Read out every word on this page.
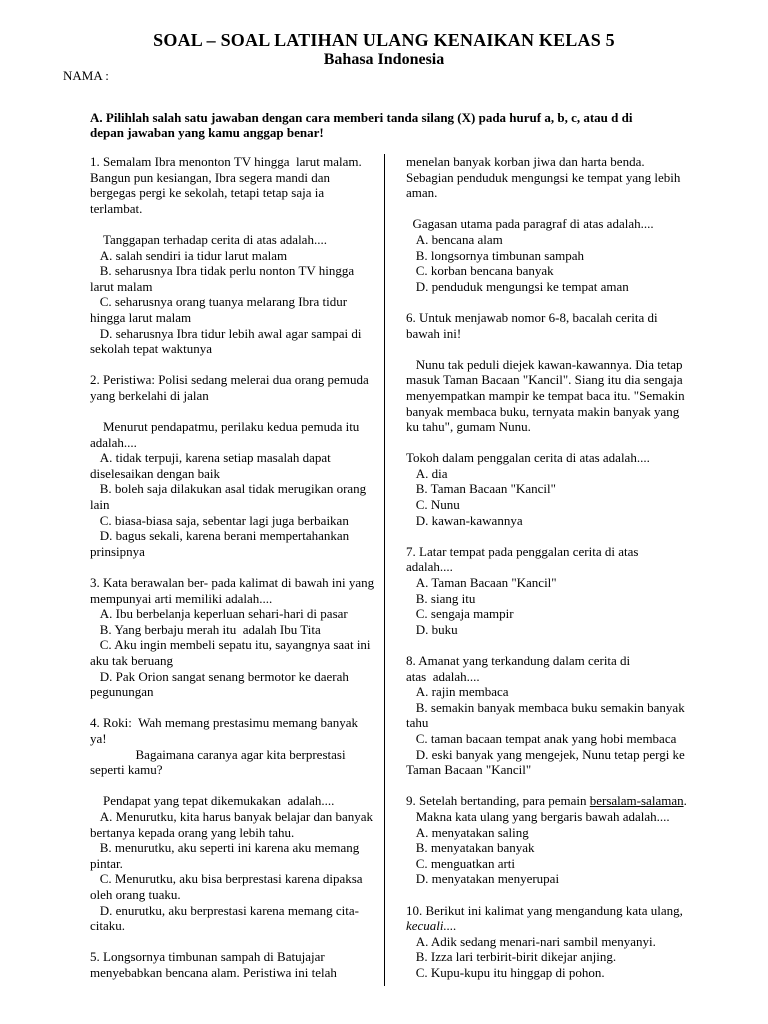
SOAL – SOAL LATIHAN ULANG KENAIKAN KELAS 5
Bahasa Indonesia
NAMA :
A. Pilihlah salah satu jawaban dengan cara memberi tanda silang (X) pada huruf a, b, c, atau d di
depan jawaban yang kamu anggap benar!
1. Semalam Ibra menonton TV hingga  larut malam.
Bangun pun kesiangan, Ibra segera mandi dan
bergegas pergi ke sekolah, tetapi tetap saja ia
terlambat.

Tanggapan terhadap cerita di atas adalah....
A. salah sendiri ia tidur larut malam
B. seharusnya Ibra tidak perlu nonton TV hingga
larut malam
C. seharusnya orang tuanya melarang Ibra tidur
hingga larut malam
D. seharusnya Ibra tidur lebih awal agar sampai di
sekolah tepat waktunya
2. Peristiwa: Polisi sedang melerai dua orang pemuda
yang berkelahi di jalan

Menurut pendapatmu, perilaku kedua pemuda itu
adalah....
A. tidak terpuji, karena setiap masalah dapat
diselesaikan dengan baik
B. boleh saja dilakukan asal tidak merugikan orang
lain
C. biasa-biasa saja, sebentar lagi juga berbaikan
D. bagus sekali, karena berani mempertahankan
prinsipnya
3. Kata berawalan ber- pada kalimat di bawah ini yang
mempunyai arti memiliki adalah....
A. Ibu berbelanja keperluan sehari-hari di pasar
B. Yang berbaju merah itu  adalah Ibu Tita
C. Aku ingin membeli sepatu itu, sayangnya saat ini
aku tak beruang
D. Pak Orion sangat senang bermotor ke daerah
pegunungan
4. Roki:  Wah memang prestasimu memang banyak
ya!
Bagaimana caranya agar kita berprestasi
seperti kamu?

Pendapat yang tepat dikemukakan  adalah....
A. Menurutku, kita harus banyak belajar dan banyak
bertanya kepada orang yang lebih tahu.
B. menurutku, aku seperti ini karena aku memang
pintar.
C. Menurutku, aku bisa berprestasi karena dipaksa
oleh orang tuaku.
D. enurutku, aku berprestasi karena memang cita-
citaku.
5. Longsornya timbunan sampah di Batujajar
menyebabkan bencana alam. Peristiwa ini telah
menelan banyak korban jiwa dan harta benda.
Sebagian penduduk mengungsi ke tempat yang lebih
aman.

Gagasan utama pada paragraf di atas adalah....
A. bencana alam
B. longsornya timbunan sampah
C. korban bencana banyak
D. penduduk mengungsi ke tempat aman
6. Untuk menjawab nomor 6-8, bacalah cerita di
bawah ini!

Nunu tak peduli diejek kawan-kawannya. Dia tetap
masuk Taman Bacaan "Kancil". Siang itu dia sengaja
menyempatkan mampir ke tempat baca itu. "Semakin
banyak membaca buku, ternyata makin banyak yang
ku tahu", gumam Nunu.

Tokoh dalam penggalan cerita di atas adalah....
A. dia
B. Taman Bacaan "Kancil"
C. Nunu
D. kawan-kawannya
7. Latar tempat pada penggalan cerita di atas
adalah....
A. Taman Bacaan "Kancil"
B. siang itu
C. sengaja mampir
D. buku
8. Amanat yang terkandung dalam cerita di
atas  adalah....
A. rajin membaca
B. semakin banyak membaca buku semakin banyak
tahu
C. taman bacaan tempat anak yang hobi membaca
D. eski banyak yang mengejek, Nunu tetap pergi ke
Taman Bacaan "Kancil"
9. Setelah bertanding, para pemain bersalam-salaman.
Makna kata ulang yang bergaris bawah adalah....
A. menyatakan saling
B. menyatakan banyak
C. menguatkan arti
D. menyatakan menyerupai
10. Berikut ini kalimat yang mengandung kata ulang,
kecuali....
A. Adik sedang menari-nari sambil menyanyi.
B. Izza lari terbirit-birit dikejar anjing.
C. Kupu-kupu itu hinggap di pohon.
